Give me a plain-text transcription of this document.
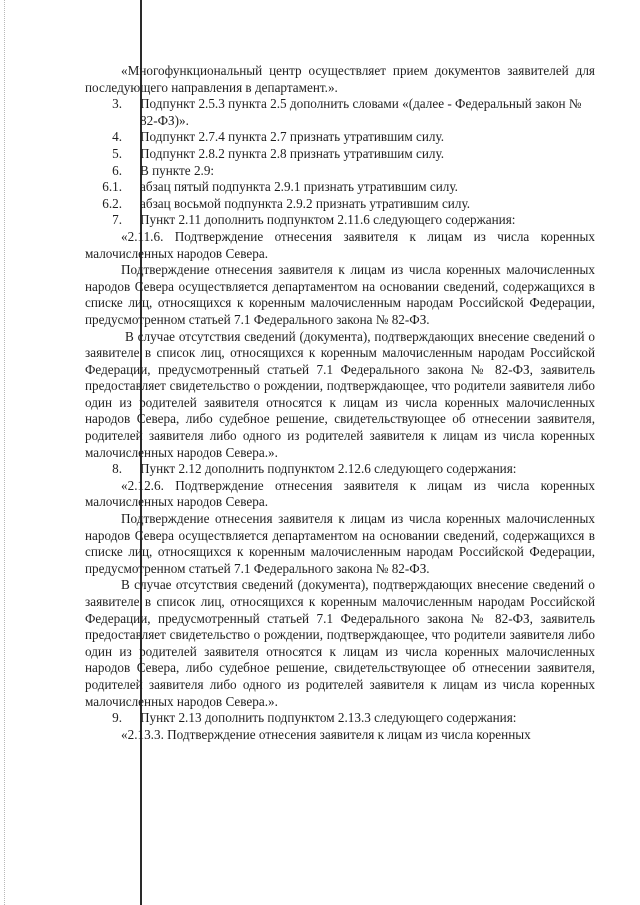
«Многофункциональный центр осуществляет прием документов заявителей для последующего направления в департамент.».

3.	Подпункт 2.5.3 пункта 2.5 дополнить словами «(далее - Федеральный закон № 82-ФЗ)».
4.	Подпункт 2.7.4 пункта 2.7 признать утратившим силу.
5.	Подпункт 2.8.2 пункта 2.8 признать утратившим силу.
6.	В пункте 2.9:
6.1.	абзац пятый подпункта 2.9.1 признать утратившим силу.
6.2.	абзац восьмой подпункта 2.9.2 признать утратившим силу.
7.	Пункт 2.11 дополнить подпунктом 2.11.6 следующего содержания:

«2.11.6. Подтверждение отнесения заявителя к лицам из числа коренных малочисленных народов Севера.

Подтверждение отнесения заявителя к лицам из числа коренных малочисленных народов Севера осуществляется департаментом на основании сведений, содержащихся в списке лиц, относящихся к коренным малочисленным народам Российской Федерации, предусмотренном статьей 7.1 Федерального закона № 82-ФЗ.

В случае отсутствия сведений (документа), подтверждающих внесение сведений о заявителе в список лиц, относящихся к коренным малочисленным народам Российской Федерации, предусмотренный статьей 7.1 Федерального закона № 82-ФЗ, заявитель предоставляет свидетельство о рождении, подтверждающее, что родители заявителя либо один из родителей заявителя относятся к лицам из числа коренных малочисленных народов Севера, либо судебное решение, свидетельствующее об отнесении заявителя, родителей заявителя либо одного из родителей заявителя к лицам из числа коренных малочисленных народов Севера.».

8.	Пункт 2.12 дополнить подпунктом 2.12.6 следующего содержания:

«2.12.6. Подтверждение отнесения заявителя к лицам из числа коренных малочисленных народов Севера.

Подтверждение отнесения заявителя к лицам из числа коренных малочисленных народов Севера осуществляется департаментом на основании сведений, содержащихся в списке лиц, относящихся к коренным малочисленным народам Российской Федерации, предусмотренном статьей 7.1 Федерального закона № 82-ФЗ.

В случае отсутствия сведений (документа), подтверждающих внесение сведений о заявителе в список лиц, относящихся к коренным малочисленным народам Российской Федерации, предусмотренный статьей 7.1 Федерального закона № 82-ФЗ, заявитель предоставляет свидетельство о рождении, подтверждающее, что родители заявителя либо один из родителей заявителя относятся к лицам из числа коренных малочисленных народов Севера, либо судебное решение, свидетельствующее об отнесении заявителя, родителей заявителя либо одного из родителей заявителя к лицам из числа коренных малочисленных народов Севера.».

9.	Пункт 2.13 дополнить подпунктом 2.13.3 следующего содержания:

«2.13.3. Подтверждение отнесения заявителя к лицам из числа коренных
